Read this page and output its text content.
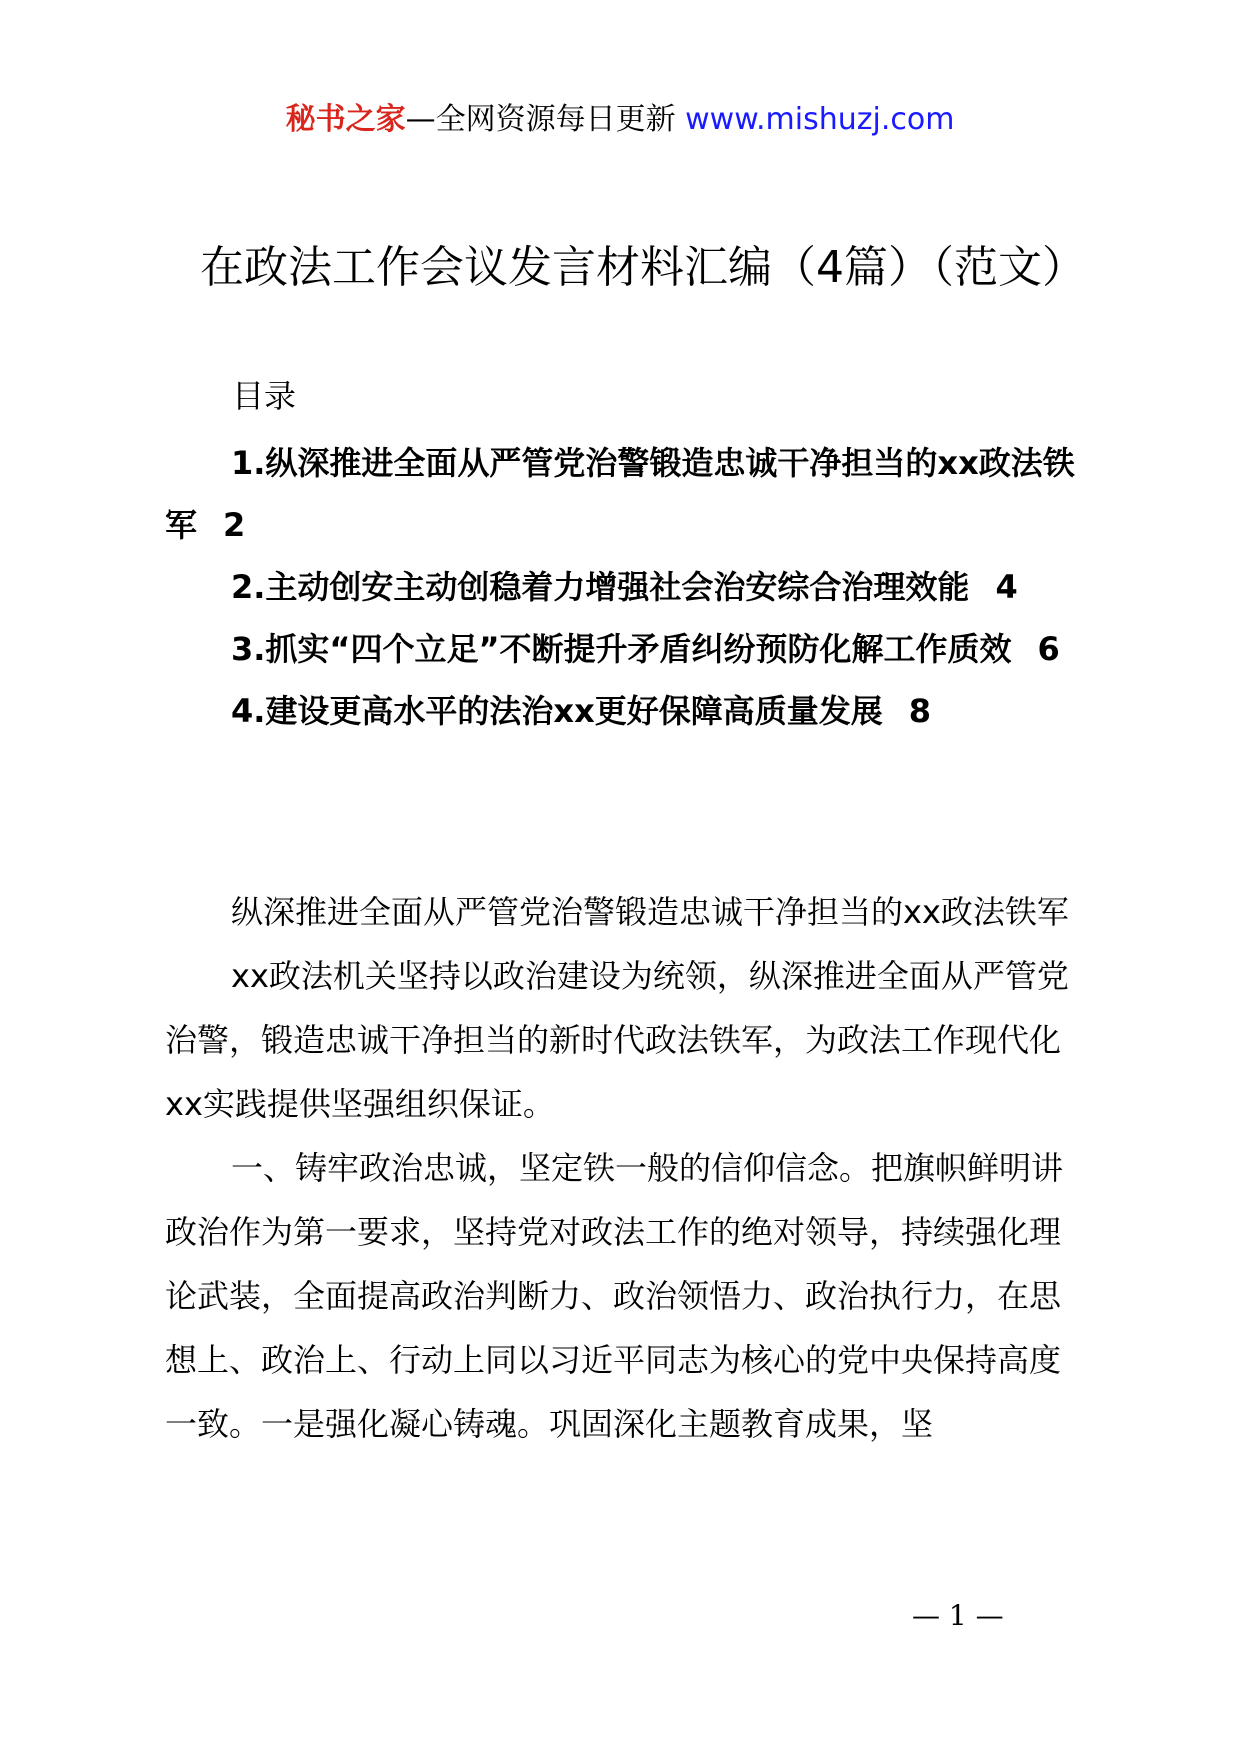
秘书之家—全网资源每日更新 www.mishuzj.com
在政法工作会议发言材料汇编（4篇）（范文）
目录
1.纵深推进全面从严管党治警锻造忠诚干净担当的xx政法铁军 2
2.主动创安主动创稳着力增强社会治安综合治理效能 4
3.抓实“四个立足”不断提升矛盾纠纷预防化解工作质效 6
4.建设更高水平的法治xx更好保障高质量发展 8

纵深推进全面从严管党治警锻造忠诚干净担当的xx政法铁军

xx政法机关坚持以政治建设为统领，纵深推进全面从严管党治警，锻造忠诚干净担当的新时代政法铁军，为政法工作现代化xx实践提供坚强组织保证。

一、铸牢政治忠诚，坚定铁一般的信仰信念。把旗帜鲜明讲政治作为第一要求，坚持党对政法工作的绝对领导，持续强化理论武装，全面提高政治判断力、政治领悟力、政治执行力，在思想上、政治上、行动上同以习近平同志为核心的党中央保持高度一致。一是强化凝心铸魂。巩固深化主题教育成果，坚

— 1 —
